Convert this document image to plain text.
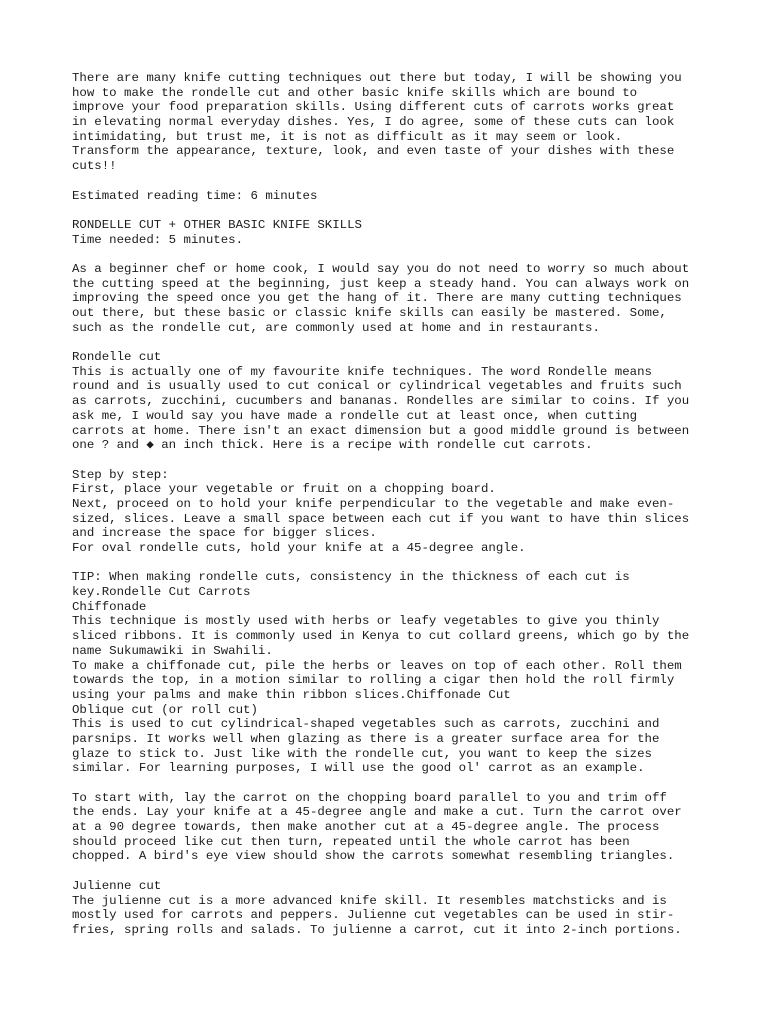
There are many knife cutting techniques out there but today, I will be showing you
how to make the rondelle cut and other basic knife skills which are bound to
improve your food preparation skills. Using different cuts of carrots works great
in elevating normal everyday dishes. Yes, I do agree, some of these cuts can look
intimidating, but trust me, it is not as difficult as it may seem or look.
Transform the appearance, texture, look, and even taste of your dishes with these
cuts!!
Estimated reading time: 6 minutes
RONDELLE CUT + OTHER BASIC KNIFE SKILLS
Time needed: 5 minutes.
As a beginner chef or home cook, I would say you do not need to worry so much about
the cutting speed at the beginning, just keep a steady hand. You can always work on
improving the speed once you get the hang of it. There are many cutting techniques
out there, but these basic or classic knife skills can easily be mastered. Some,
such as the rondelle cut, are commonly used at home and in restaurants.
Rondelle cut
This is actually one of my favourite knife techniques. The word Rondelle means
round and is usually used to cut conical or cylindrical vegetables and fruits such
as carrots, zucchini, cucumbers and bananas. Rondelles are similar to coins. If you
ask me, I would say you have made a rondelle cut at least once, when cutting
carrots at home. There isn't an exact dimension but a good middle ground is between
one ? and ◆ an inch thick. Here is a recipe with rondelle cut carrots.
Step by step:
First, place your vegetable or fruit on a chopping board.
Next, proceed on to hold your knife perpendicular to the vegetable and make even-
sized, slices. Leave a small space between each cut if you want to have thin slices
and increase the space for bigger slices.
For oval rondelle cuts, hold your knife at a 45-degree angle.
TIP: When making rondelle cuts, consistency in the thickness of each cut is
key.Rondelle Cut Carrots
Chiffonade
This technique is mostly used with herbs or leafy vegetables to give you thinly
sliced ribbons. It is commonly used in Kenya to cut collard greens, which go by the
name Sukumawiki in Swahili.
To make a chiffonade cut, pile the herbs or leaves on top of each other. Roll them
towards the top, in a motion similar to rolling a cigar then hold the roll firmly
using your palms and make thin ribbon slices.Chiffonade Cut
Oblique cut (or roll cut)
This is used to cut cylindrical-shaped vegetables such as carrots, zucchini and
parsnips. It works well when glazing as there is a greater surface area for the
glaze to stick to. Just like with the rondelle cut, you want to keep the sizes
similar. For learning purposes, I will use the good ol' carrot as an example.
To start with, lay the carrot on the chopping board parallel to you and trim off
the ends. Lay your knife at a 45-degree angle and make a cut. Turn the carrot over
at a 90 degree towards, then make another cut at a 45-degree angle. The process
should proceed like cut then turn, repeated until the whole carrot has been
chopped. A bird's eye view should show the carrots somewhat resembling triangles.
Julienne cut
The julienne cut is a more advanced knife skill. It resembles matchsticks and is
mostly used for carrots and peppers. Julienne cut vegetables can be used in stir-
fries, spring rolls and salads. To julienne a carrot, cut it into 2-inch portions.
